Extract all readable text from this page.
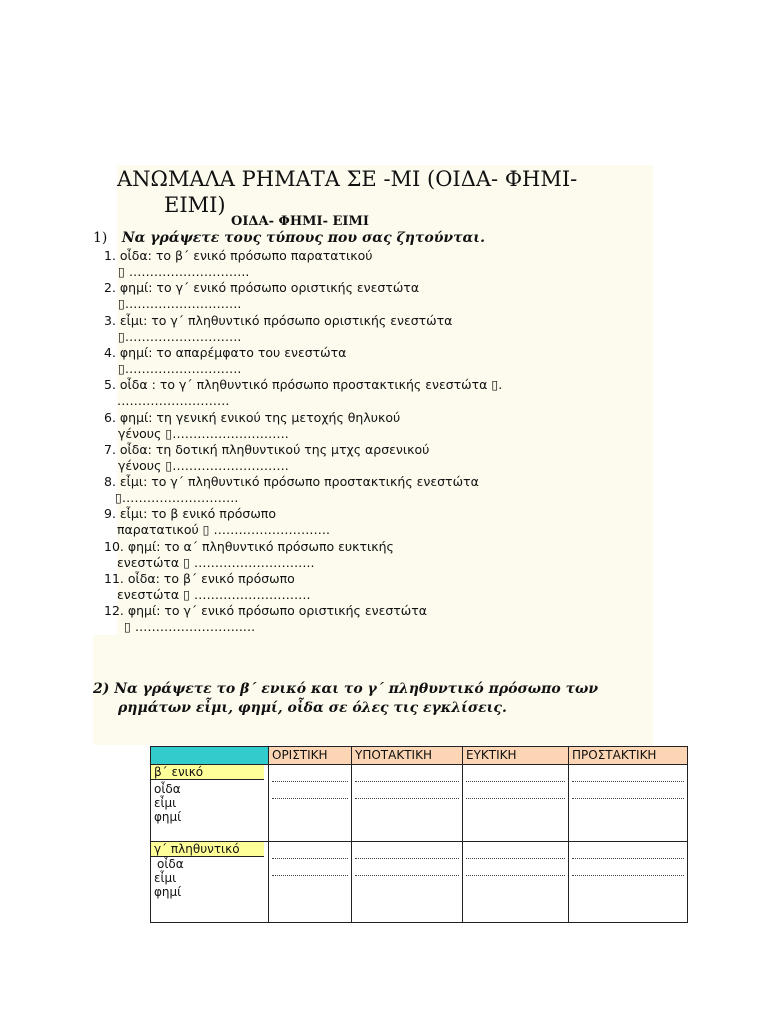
ΑΝΩΜΑΛΑ ΡΗΜΑΤΑ ΣΕ -ΜΙ (ΟΙΔΑ- ΦΗΜΙ-
ΕΙΜΙ)
ΟΙΔΑ- ΦΗΜΙ- ΕΙΜΙ
1) Να γράψετε τους τύπους που σας ζητούνται.
1. οἶδα: το β΄ ενικό πρόσωπο παρατατικού
▯ ………………………..
2. φημί: το γ΄ ενικό πρόσωπο οριστικής ενεστώτα
▯……………………….
3. εἶμι: το γ΄ πληθυντικό πρόσωπο οριστικής ενεστώτα
▯……………………….
4. φημί: το απαρέμφατο του ενεστώτα
▯……………………….
5. οἶδα : το γ΄ πληθυντικό πρόσωπο προστακτικής ενεστώτα ▯.
………………………
6. φημί: τη γενική ενικού της μετοχής θηλυκού
γένους ▯……………………….
7. οἶδα: τη δοτική πληθυντικού της μτχς αρσενικού
γένους ▯……………………….
8. εἶμι: το γ΄ πληθυντικό πρόσωπο προστακτικής ενεστώτα
▯……………………….
9. εἶμι: το β ενικό πρόσωπο
παρατατικού ▯ ……………………….
10. φημί: το α΄ πληθυντικό πρόσωπο ευκτικής
ενεστώτα ▯ ………………………..
11. οἶδα: το β΄ ενικό πρόσωπο
ενεστώτα ▯ ……………………….
12. φημί: το γ΄ ενικό πρόσωπο οριστικής ενεστώτα
▯ ……………………..…
2) Να γράψετε το β΄ ενικό και το γ΄ πληθυντικό πρόσωπο των
ρημάτων εἶμι, φημί, οἶδα σε όλες τις εγκλίσεις.
	ΟΡΙΣΤΙΚΗ	ΥΠΟΤΑΚΤΙΚΗ	ΕΥΚΤΙΚΗ	ΠΡΟΣΤΑΚΤΙΚΗ
β΄ ενικό
οἶδα
εἶμι
φημί				

γ΄ πληθυντικό
οἶδα
εἶμι
φημί				
